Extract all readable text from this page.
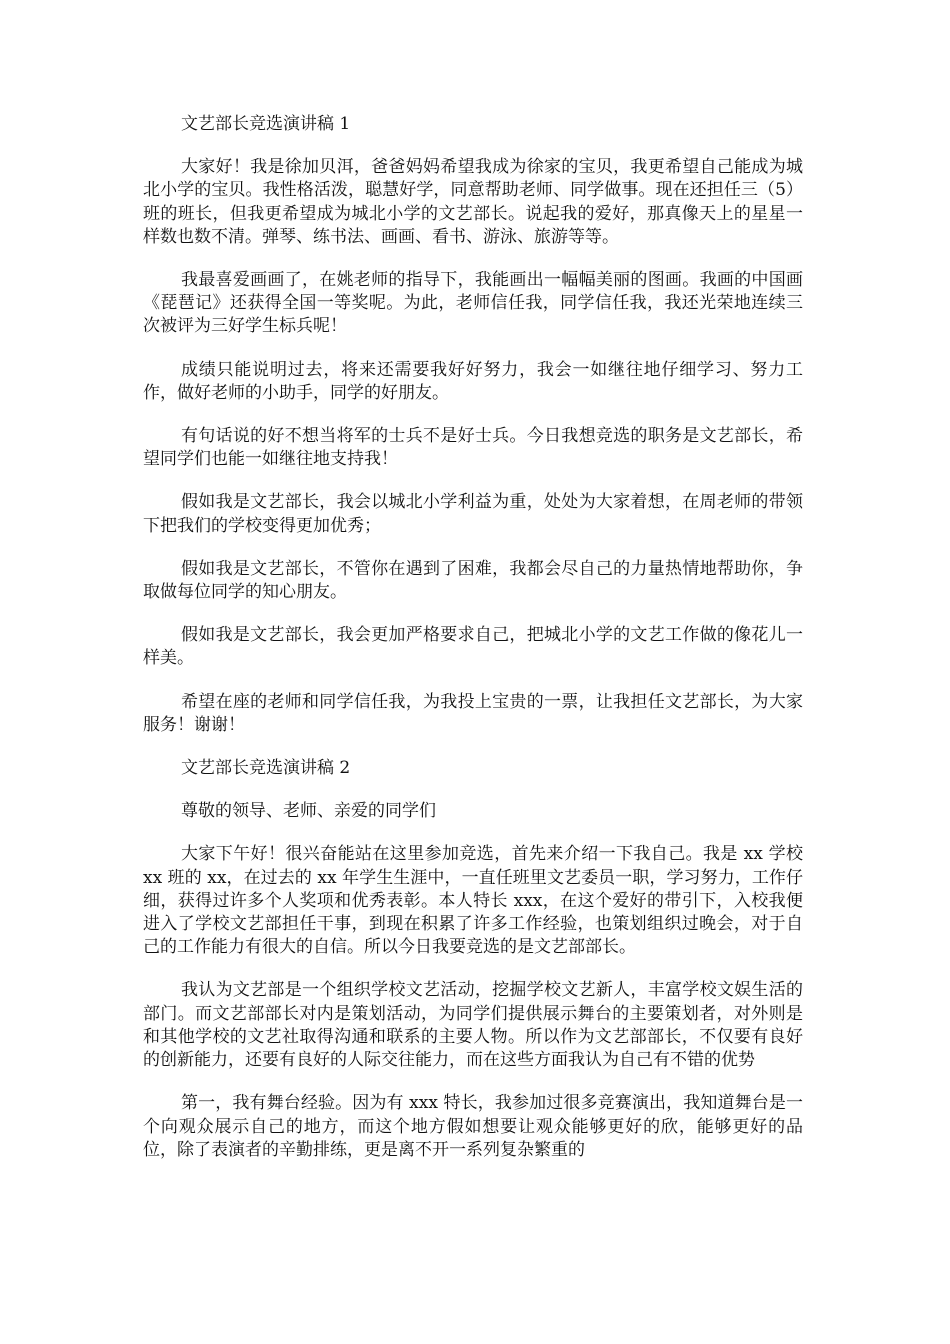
文艺部长竞选演讲稿 1

大家好！我是徐加贝洱，爸爸妈妈希望我成为徐家的宝贝，我更希望自己能成为城北小学的宝贝。我性格活泼，聪慧好学，同意帮助老师、同学做事。现在还担任三（5）班的班长，但我更希望成为城北小学的文艺部长。说起我的爱好，那真像天上的星星一样数也数不清。弹琴、练书法、画画、看书、游泳、旅游等等。

我最喜爱画画了，在姚老师的指导下，我能画出一幅幅美丽的图画。我画的中国画《琵琶记》还获得全国一等奖呢。为此，老师信任我，同学信任我，我还光荣地连续三次被评为三好学生标兵呢！

成绩只能说明过去，将来还需要我好好努力，我会一如继往地仔细学习、努力工作，做好老师的小助手，同学的好朋友。

有句话说的好不想当将军的士兵不是好士兵。今日我想竞选的职务是文艺部长，希望同学们也能一如继往地支持我！

假如我是文艺部长，我会以城北小学利益为重，处处为大家着想，在周老师的带领下把我们的学校变得更加优秀；

假如我是文艺部长，不管你在遇到了困难，我都会尽自己的力量热情地帮助你，争取做每位同学的知心朋友。

假如我是文艺部长，我会更加严格要求自己，把城北小学的文艺工作做的像花儿一样美。

希望在座的老师和同学信任我，为我投上宝贵的一票，让我担任文艺部长，为大家服务！谢谢！

文艺部长竞选演讲稿 2

尊敬的领导、老师、亲爱的同学们

大家下午好！很兴奋能站在这里参加竞选，首先来介绍一下我自己。我是 xx 学校 xx 班的 xx，在过去的 xx 年学生生涯中，一直任班里文艺委员一职，学习努力，工作仔细，获得过许多个人奖项和优秀表彰。本人特长 xxx，在这个爱好的带引下，入校我便进入了学校文艺部担任干事，到现在积累了许多工作经验，也策划组织过晚会，对于自己的工作能力有很大的自信。所以今日我要竞选的是文艺部部长。

我认为文艺部是一个组织学校文艺活动，挖掘学校文艺新人，丰富学校文娱生活的部门。而文艺部部长对内是策划活动，为同学们提供展示舞台的主要策划者，对外则是和其他学校的文艺社取得沟通和联系的主要人物。所以作为文艺部部长，不仅要有良好的创新能力，还要有良好的人际交往能力，而在这些方面我认为自己有不错的优势

第一，我有舞台经验。因为有 xxx 特长，我参加过很多竞赛演出，我知道舞台是一个向观众展示自己的地方，而这个地方假如想要让观众能够更好的欣，能够更好的品位，除了表演者的辛勤排练，更是离不开一系列复杂繁重的
